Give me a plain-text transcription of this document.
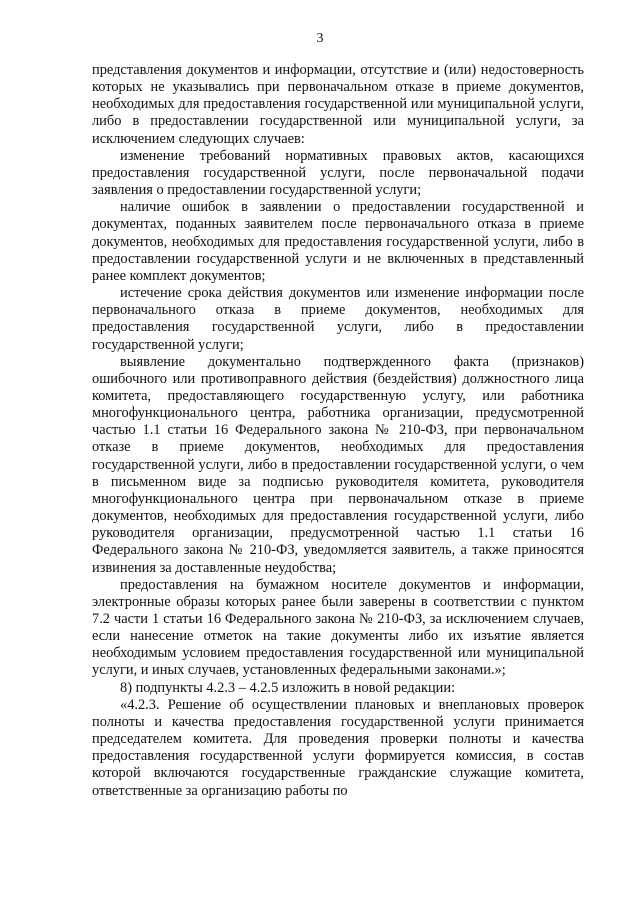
3

представления документов и информации, отсутствие и (или) недостоверность которых не указывались при первоначальном отказе в приеме документов, необходимых для предоставления государственной или муниципальной услуги, либо в предоставлении государственной или муниципальной услуги, за исключением следующих случаев:

изменение требований нормативных правовых актов, касающихся предоставления государственной услуги, после первоначальной подачи заявления о предоставлении государственной услуги;

наличие ошибок в заявлении о предоставлении государственной и документах, поданных заявителем после первоначального отказа в приеме документов, необходимых для предоставления государственной услуги, либо в предоставлении государственной услуги и не включенных в представленный ранее комплект документов;

истечение срока действия документов или изменение информации после первоначального отказа в приеме документов, необходимых для предоставления государственной услуги, либо в предоставлении государственной услуги;

выявление документально подтвержденного факта (признаков) ошибочного или противоправного действия (бездействия) должностного лица комитета, предоставляющего государственную услугу, или работника многофункционального центра, работника организации, предусмотренной частью 1.1 статьи 16 Федерального закона № 210-ФЗ, при первоначальном отказе в приеме документов, необходимых для предоставления государственной услуги, либо в предоставлении государственной услуги, о чем в письменном виде за подписью руководителя комитета, руководителя многофункционального центра при первоначальном отказе в приеме документов, необходимых для предоставления государственной услуги, либо руководителя организации, предусмотренной частью 1.1 статьи 16 Федерального закона № 210-ФЗ, уведомляется заявитель, а также приносятся извинения за доставленные неудобства;

предоставления на бумажном носителе документов и информации, электронные образы которых ранее были заверены в соответствии с пунктом 7.2 части 1 статьи 16 Федерального закона № 210-ФЗ, за исключением случаев, если нанесение отметок на такие документы либо их изъятие является необходимым условием предоставления государственной или муниципальной услуги, и иных случаев, установленных федеральными законами.»;

8) подпункты 4.2.3 – 4.2.5 изложить в новой редакции:

«4.2.3. Решение об осуществлении плановых и внеплановых проверок полноты и качества предоставления государственной услуги принимается председателем комитета. Для проведения проверки полноты и качества предоставления государственной услуги формируется комиссия, в состав которой включаются государственные гражданские служащие комитета, ответственные за организацию работы по
